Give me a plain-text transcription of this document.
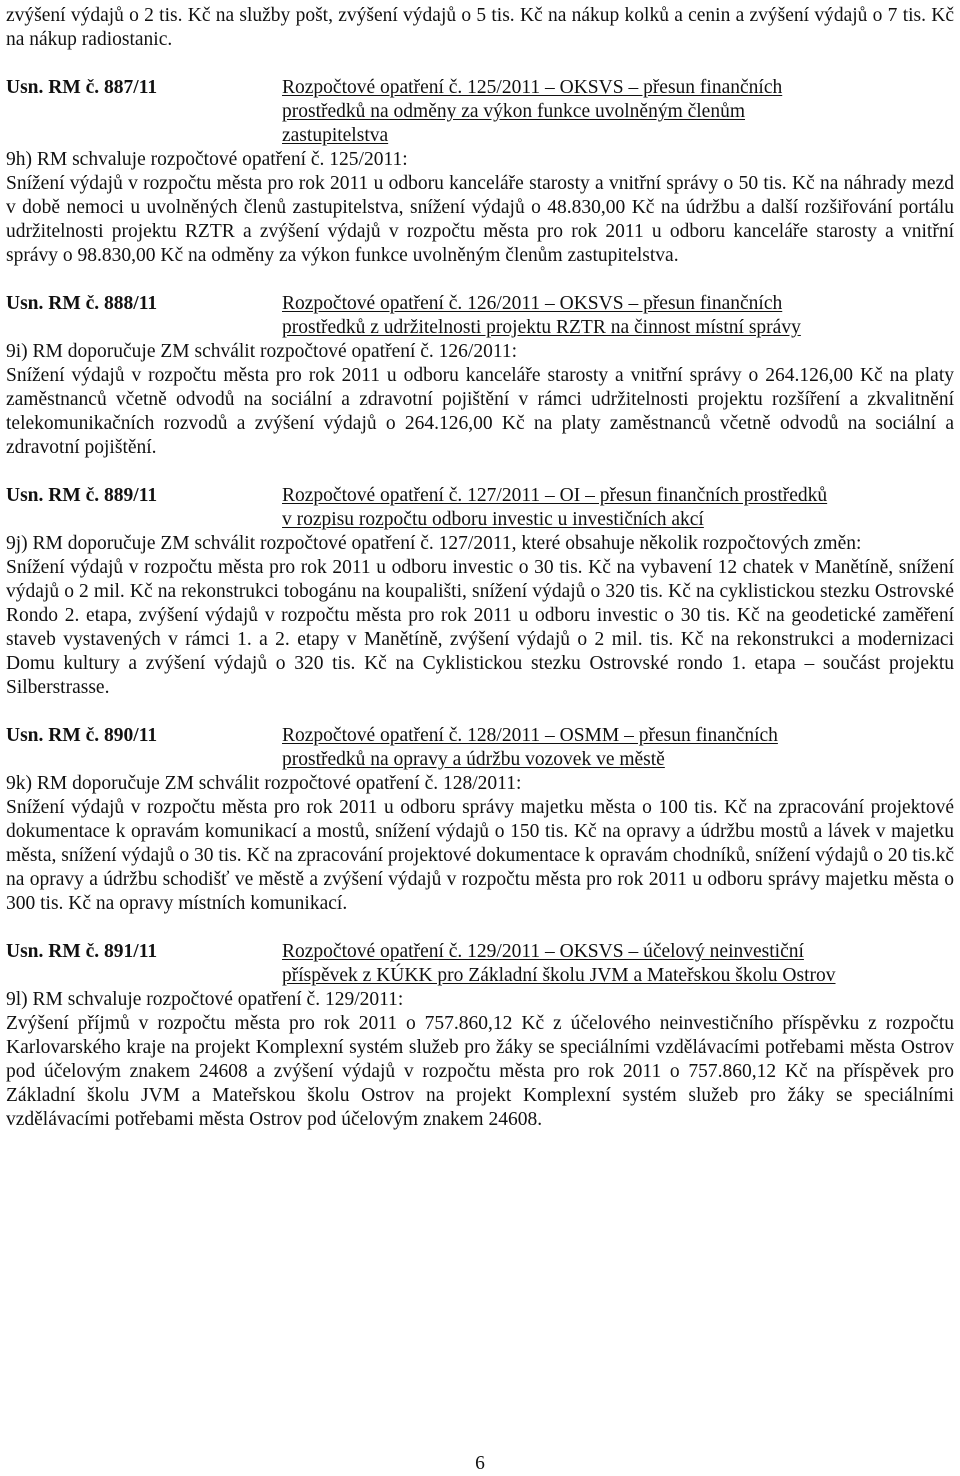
zvýšení výdajů o 2 tis. Kč na služby pošt, zvýšení výdajů o 5 tis. Kč na nákup kolků a cenin a zvýšení výdajů o 7 tis. Kč na nákup radiostanic.

Usn. RM č. 887/11	Rozpočtové opatření č. 125/2011 – OKSVS – přesun finančních
prostředků na odměny za výkon funkce uvolněným členům
zastupitelstva

9h) RM schvaluje rozpočtové opatření č. 125/2011:

Snížení výdajů v rozpočtu města pro rok 2011 u odboru kanceláře starosty a vnitřní správy o 50 tis. Kč na náhrady mezd v době nemoci u uvolněných členů zastupitelstva, snížení výdajů o 48.830,00 Kč na údržbu a další rozšiřování portálu udržitelnosti projektu RZTR a zvýšení výdajů v rozpočtu města pro rok 2011 u odboru kanceláře starosty a vnitřní správy o 98.830,00 Kč na odměny za výkon funkce uvolněným členům zastupitelstva.

Usn. RM č. 888/11	Rozpočtové opatření č. 126/2011 – OKSVS – přesun finančních
prostředků z udržitelnosti projektu RZTR na činnost místní správy

9i) RM doporučuje ZM schválit rozpočtové opatření č. 126/2011:

Snížení výdajů v rozpočtu města pro rok 2011 u odboru kanceláře starosty a vnitřní správy o 264.126,00 Kč na platy zaměstnanců včetně odvodů na sociální a zdravotní pojištění v rámci udržitelnosti projektu rozšíření a zkvalitnění telekomunikačních rozvodů a zvýšení výdajů o 264.126,00 Kč na platy zaměstnanců včetně odvodů na sociální a zdravotní pojištění.

Usn. RM č. 889/11	Rozpočtové opatření č. 127/2011 – OI – přesun finančních prostředků
v rozpisu rozpočtu odboru investic u investičních akcí

9j) RM doporučuje ZM schválit rozpočtové opatření č. 127/2011, které obsahuje několik rozpočtových změn:

Snížení výdajů v rozpočtu města pro rok 2011 u odboru investic o 30 tis. Kč na vybavení 12 chatek v Manětíně, snížení výdajů o 2 mil. Kč na rekonstrukci tobogánu na koupališti, snížení výdajů o 320 tis. Kč na cyklistickou stezku Ostrovské Rondo 2. etapa, zvýšení výdajů v rozpočtu města pro rok 2011 u odboru investic o 30 tis. Kč na geodetické zaměření staveb vystavených v rámci 1. a 2. etapy v Manětíně, zvýšení výdajů o 2 mil. tis. Kč na rekonstrukci a modernizaci Domu kultury a zvýšení výdajů o 320 tis. Kč na Cyklistickou stezku Ostrovské rondo 1. etapa – součást projektu Silberstrasse.

Usn. RM č. 890/11	Rozpočtové opatření č. 128/2011 – OSMM – přesun finančních
prostředků na opravy a údržbu vozovek ve městě

9k) RM doporučuje ZM schválit rozpočtové opatření č. 128/2011:

Snížení výdajů v rozpočtu města pro rok 2011 u odboru správy majetku města o 100 tis. Kč na zpracování projektové dokumentace k opravám komunikací a mostů, snížení výdajů o 150 tis. Kč na opravy a údržbu mostů a lávek v majetku města, snížení výdajů o 30 tis. Kč na zpracování projektové dokumentace k opravám chodníků, snížení výdajů o 20 tis.kč na opravy a údržbu schodišť ve městě a zvýšení výdajů v rozpočtu města pro rok 2011 u odboru správy majetku města o 300 tis. Kč na opravy místních komunikací.

Usn. RM č. 891/11	Rozpočtové opatření č. 129/2011 – OKSVS – účelový neinvestiční
příspěvek z KÚKK pro Základní školu JVM a Mateřskou školu Ostrov

9l) RM schvaluje rozpočtové opatření č. 129/2011:

Zvýšení příjmů v rozpočtu města pro rok 2011 o 757.860,12 Kč z účelového neinvestičního příspěvku z rozpočtu Karlovarského kraje na projekt Komplexní systém služeb pro žáky se speciálními vzdělávacími potřebami města Ostrov pod účelovým znakem 24608 a zvýšení výdajů v rozpočtu města pro rok 2011 o 757.860,12 Kč na příspěvek pro Základní školu JVM a Mateřskou školu Ostrov na projekt Komplexní systém služeb pro žáky se speciálními vzdělávacími potřebami města Ostrov pod účelovým znakem 24608.

6
